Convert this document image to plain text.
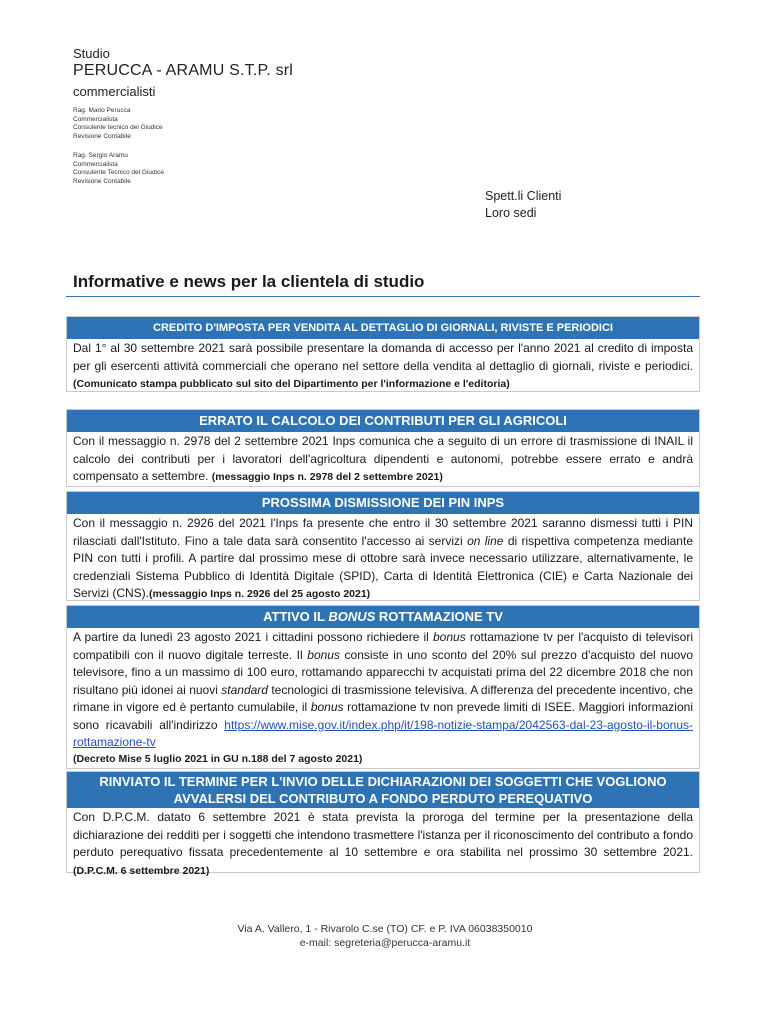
Studio
PERUCCA - ARAMU S.T.P. srl
commercialisti
Rag. Mario Perucca
Commercialista
Consulente tecnico del Giudice
Revisione Contabile
Rag. Sergio Aramu
Commercialista
Consulente Tecnico del Giudice
Revisione Contabile
Spett.li Clienti
Loro sedi
Informative e news per la clientela di studio
CREDITO D'IMPOSTA PER VENDITA AL DETTAGLIO DI GIORNALI, RIVISTE E PERIODICI
Dal 1° al 30 settembre 2021 sarà possibile presentare la domanda di accesso per l'anno 2021 al credito di imposta per gli esercenti attività commerciali che operano nel settore della vendita al dettaglio di giornali, riviste e periodici.(Comunicato stampa pubblicato sul sito del Dipartimento per l'informazione e l'editoria)
ERRATO IL CALCOLO DEI CONTRIBUTI PER GLI AGRICOLI
Con il messaggio n. 2978 del 2 settembre 2021 Inps comunica che a seguito di un errore di trasmissione di INAIL il calcolo dei contributi per i lavoratori dell'agricoltura dipendenti e autonomi, potrebbe essere errato e andrà compensato a settembre. (messaggio Inps n. 2978 del 2 settembre 2021)
PROSSIMA DISMISSIONE DEI PIN INPS
Con il messaggio n. 2926 del 2021 l'Inps fa presente che entro il 30 settembre 2021 saranno dismessi tutti i PIN rilasciati dall'Istituto. Fino a tale data sarà consentito l'accesso ai servizi on line di rispettiva competenza mediante PIN con tutti i profili. A partire dal prossimo mese di ottobre sarà invece necessario utilizzare, alternativamente, le credenziali Sistema Pubblico di Identità Digitale (SPID), Carta di Identità Elettronica (CIE) e Carta Nazionale dei Servizi (CNS).(messaggio Inps n. 2926 del 25 agosto 2021)
ATTIVO IL BONUS ROTTAMAZIONE TV
A partire da lunedì 23 agosto 2021 i cittadini possono richiedere il bonus rottamazione tv per l'acquisto di televisori compatibili con il nuovo digitale terreste. Il bonus consiste in uno sconto del 20% sul prezzo d'acquisto del nuovo televisore, fino a un massimo di 100 euro, rottamando apparecchi tv acquistati prima del 22 dicembre 2018 che non risultano più idonei ai nuovi standard tecnologici di trasmissione televisiva. A differenza del precedente incentivo, che rimane in vigore ed è pertanto cumulabile, il bonus rottamazione tv non prevede limiti di ISEE. Maggiori informazioni sono ricavabili all'indirizzo https://www.mise.gov.it/index.php/it/198-notizie-stampa/2042563-dal-23-agosto-il-bonus-rottamazione-tv
(Decreto Mise 5 luglio 2021 in GU n.188 del 7 agosto 2021)
RINVIATO IL TERMINE PER L'INVIO DELLE DICHIARAZIONI DEI SOGGETTI CHE VOGLIONO AVVALERSI DEL CONTRIBUTO A FONDO PERDUTO PEREQUATIVO
Con D.P.C.M. datato 6 settembre 2021 è stata prevista la proroga del termine per la presentazione della dichiarazione dei redditi per i soggetti che intendono trasmettere l'istanza per il riconoscimento del contributo a fondo perduto perequativo fissata precedentemente al 10 settembre e ora stabilita nel prossimo 30 settembre 2021.(D.P.C.M. 6 settembre 2021)
Via A. Vallero, 1 - Rivarolo C.se (TO) CF. e P. IVA 06038350010
e-mail: segreteria@perucca-aramu.it
